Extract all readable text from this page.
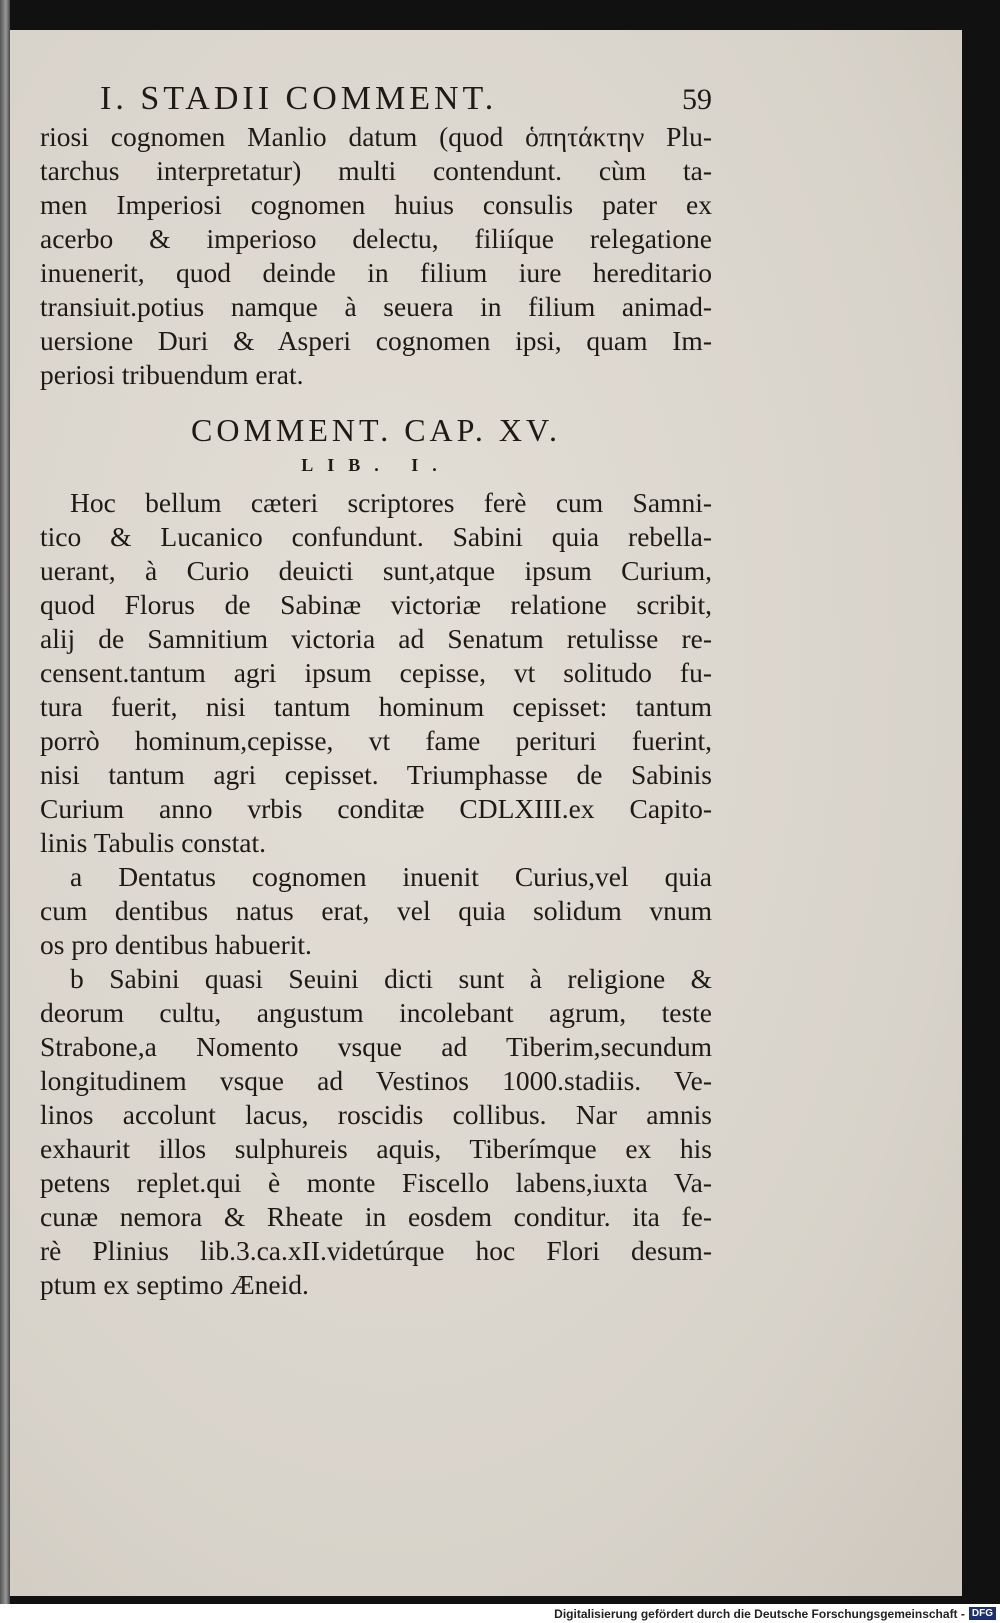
I. STADII COMMENT.	59
riosi cognomen Manlio datum (quod ὁπητάκτην Plu-
tarchus interpretatur) multi contendunt. cùm ta-
men Imperiosi cognomen huius consulis pater ex
acerbo & imperioso delectu, filiíque relegatione
inuenerit, quod deinde in filium iure hereditario
transiuit.potius namque à seuera in filium animad-
uersione Duri & Asperi cognomen ipsi, quam Im-
periosi tribuendum erat.
COMMENT. CAP. XV.
LIB. I.
Hoc bellum cæteri scriptores ferè cum Samni-
tico & Lucanico confundunt. Sabini quia rebella-
uerant, à Curio deuicti sunt,atque ipsum Curium,
quod Florus de Sabinæ victoriæ relatione scribit,
alij de Samnitium victoria ad Senatum retulisse re-
censent.tantum agri ipsum cepisse, vt solitudo fu-
tura fuerit, nisi tantum hominum cepisset: tantum
porrò hominum,cepisse, vt fame perituri fuerint,
nisi tantum agri cepisset. Triumphasse de Sabinis
Curium anno vrbis conditæ CDLXIII.ex Capito-
linis Tabulis constat.
a Dentatus cognomen inuenit Curius,vel quia
cum dentibus natus erat, vel quia solidum vnum
os pro dentibus habuerit.
b Sabini quasi Seuini dicti sunt à religione &
deorum cultu, angustum incolebant agrum, teste
Strabone,a Nomento vsque ad Tiberim,secundum
longitudinem vsque ad Vestinos 1000.stadiis. Ve-
linos accolunt lacus, roscidis collibus. Nar amnis
exhaurit illos sulphureis aquis, Tiberímque ex his
petens replet.qui è monte Fiscello labens,iuxta Va-
cunæ nemora & Rheate in eosdem conditur. ita fe-
rè Plinius lib.3.ca.xII.videtúrque hoc Flori desum-
ptum ex septimo Æneid.
Digitalisierung gefördert durch die Deutsche Forschungsgemeinschaft - DFG
